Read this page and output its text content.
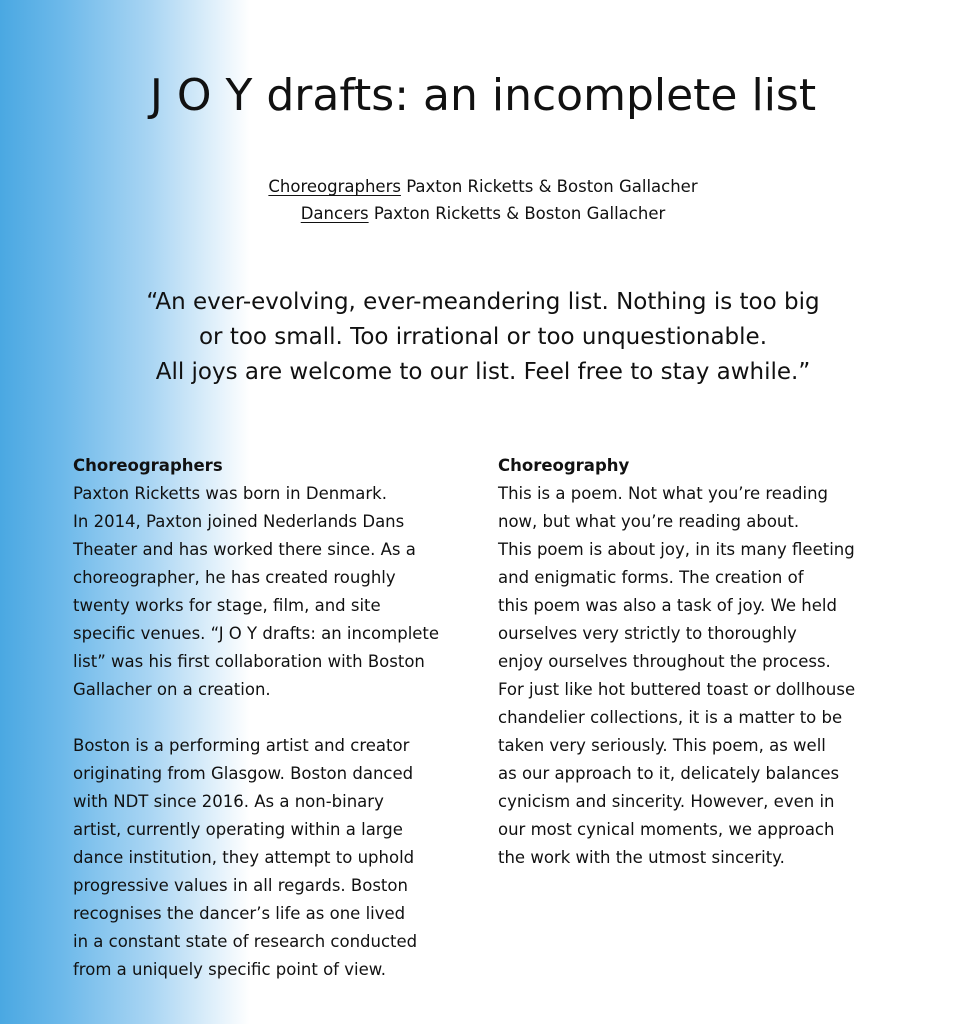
J O Y drafts: an incomplete list
Choreographers Paxton Ricketts & Boston Gallacher
Dancers Paxton Ricketts & Boston Gallacher
“An ever-evolving, ever-meandering list. Nothing is too big
or too small. Too irrational or too unquestionable.
All joys are welcome to our list. Feel free to stay awhile.”
Choreographers
Paxton Ricketts was born in Denmark.
In 2014, Paxton joined Nederlands Dans
Theater and has worked there since. As a
choreographer, he has created roughly
twenty works for stage, film, and site
specific venues. “J O Y drafts: an incomplete
list” was his first collaboration with Boston
Gallacher on a creation.
Boston is a performing artist and creator
originating from Glasgow. Boston danced
with NDT since 2016. As a non-binary
artist, currently operating within a large
dance institution, they attempt to uphold
progressive values in all regards. Boston
recognises the dancer’s life as one lived
in a constant state of research conducted
from a uniquely specific point of view.
Choreography
This is a poem. Not what you’re reading
now, but what you’re reading about.
This poem is about joy, in its many fleeting
and enigmatic forms. The creation of
this poem was also a task of joy. We held
ourselves very strictly to thoroughly
enjoy ourselves throughout the process.
For just like hot buttered toast or dollhouse
chandelier collections, it is a matter to be
taken very seriously. This poem, as well
as our approach to it, delicately balances
cynicism and sincerity. However, even in
our most cynical moments, we approach
the work with the utmost sincerity.
